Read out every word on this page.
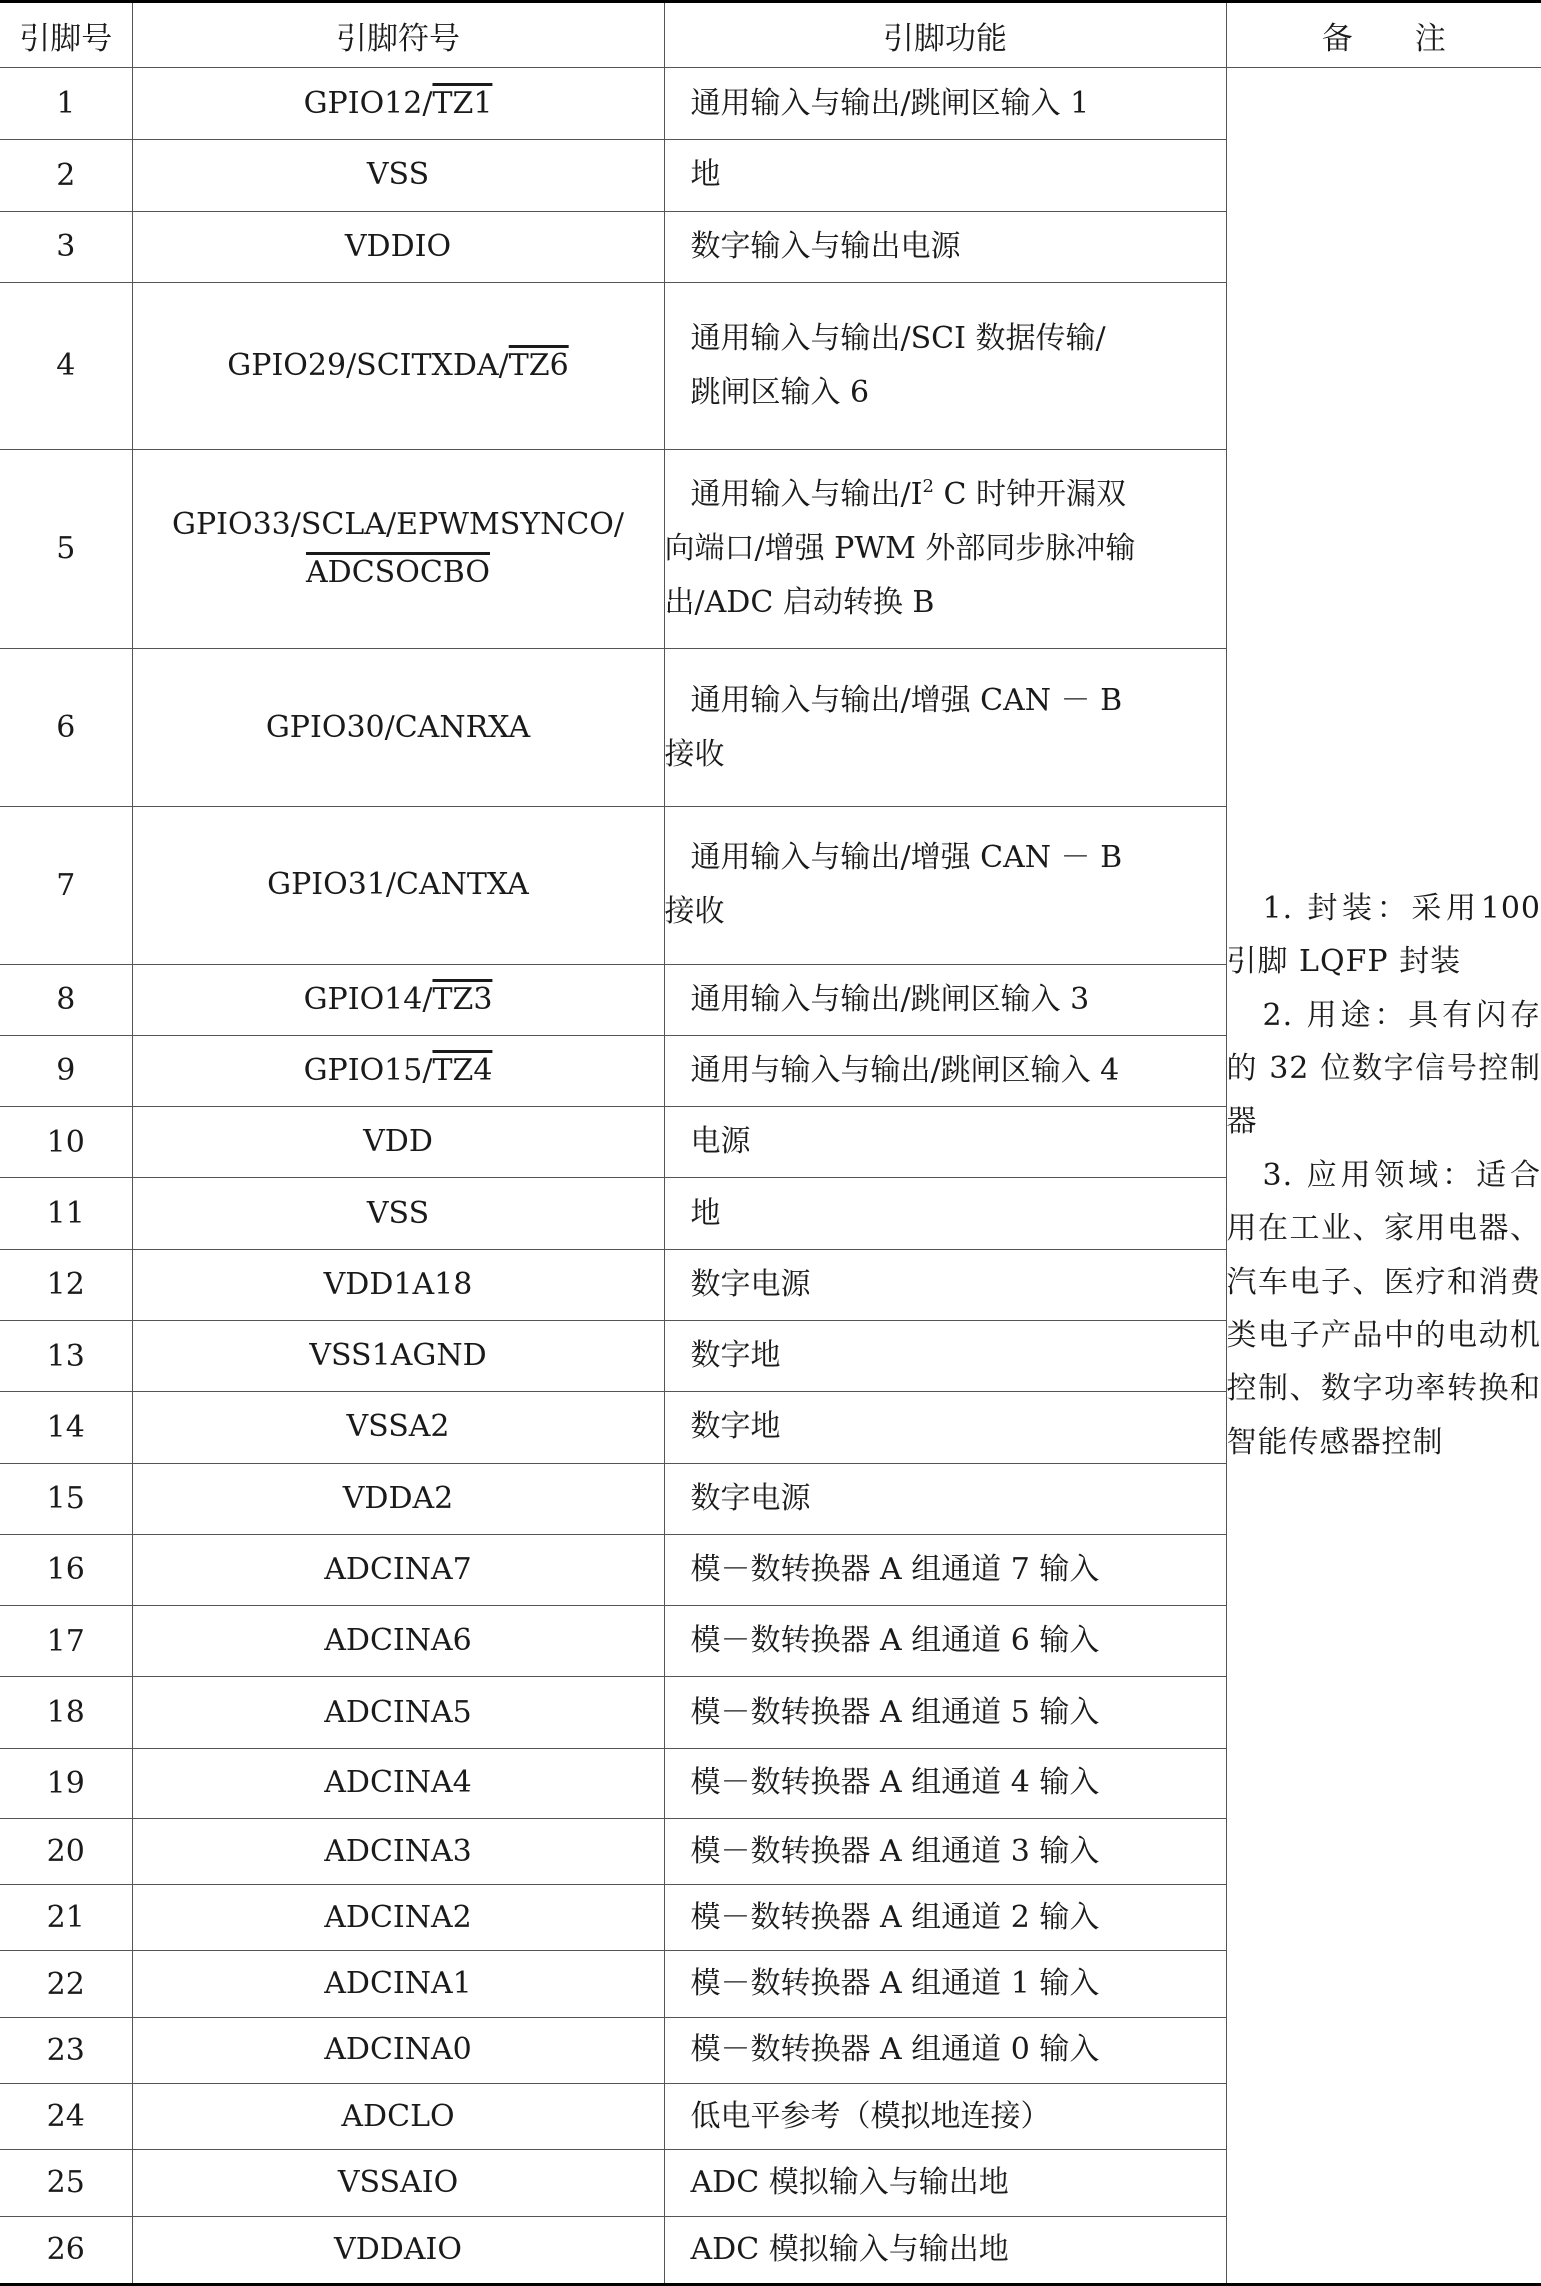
引脚号	引脚符号	引脚功能	备　　注
1	GPIO12/TZ1	通用输入与输出/跳闸区输入 1	1. 封装：采用100 引脚 LQFP 封装
2. 用途：具有闪存的 32 位数字信号控制器
3. 应用领域：适合用在工业、家用电器、汽车电子、医疗和消费类电子产品中的电动机控制、数字功率转换和智能传感器控制

2	VSS	地	
3	VDDIO	数字输入与输出电源	
4	GPIO29/SCITXDA/TZ6	通用输入与输出/SCI 数据传输/
跳闸区输入 6	

5	GPIO33/SCLA/EPWMSYNCO/
ADCSOCBO	通用输入与输出$/I^2$ C 时钟开漏双
向端口/增强 PWM 外部同步脉冲输
出/ADC 启动转换 B	

6	GPIO30/CANRXA	通用输入与输出/增强 CAN － B
接收	

7	GPIO31/CANTXA	通用输入与输出/增强 CAN － B
接收	

8	GPIO14/TZ3	通用输入与输出/跳闸区输入 3	
9	GPIO15/TZ4	通用与输入与输出/跳闸区输入 4	
10	VDD	电源	
11	VSS	地	
12	VDD1A18	数字电源	
13	VSS1AGND	数字地	
14	VSSA2	数字地	
15	VDDA2	数字电源	
16	ADCINA7	模－数转换器 A 组通道 7 输入	
17	ADCINA6	模－数转换器 A 组通道 6 输入	
18	ADCINA5	模－数转换器 A 组通道 5 输入	
19	ADCINA4	模－数转换器 A 组通道 4 输入	
20	ADCINA3	模－数转换器 A 组通道 3 输入	
21	ADCINA2	模－数转换器 A 组通道 2 输入	
22	ADCINA1	模－数转换器 A 组通道 1 输入	
23	ADCINA0	模－数转换器 A 组通道 0 输入	
24	ADCLO	低电平参考（模拟地连接）	
25	VSSAIO	ADC 模拟输入与输出地	
26	VDDAIO	ADC 模拟输入与输出地	
